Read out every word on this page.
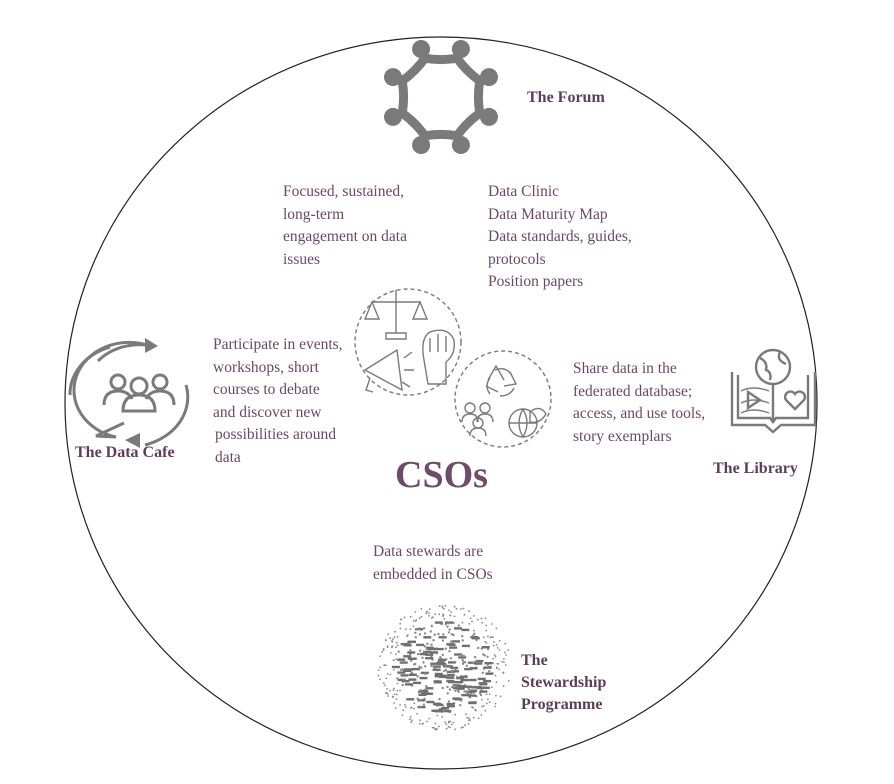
The Forum
Focused, sustained,
long-term
engagement on data
issues
Data Clinic
Data Maturity Map
Data standards, guides,
protocols
Position papers
Participate in events,
workshops, short
courses to debate
and discover new
possibilities around
data
The Data Cafe
Share data in the
federated database;
access, and use tools,
story exemplars
The Library
CSOs
Data stewards are
embedded in CSOs
The
Stewardship
Programme
